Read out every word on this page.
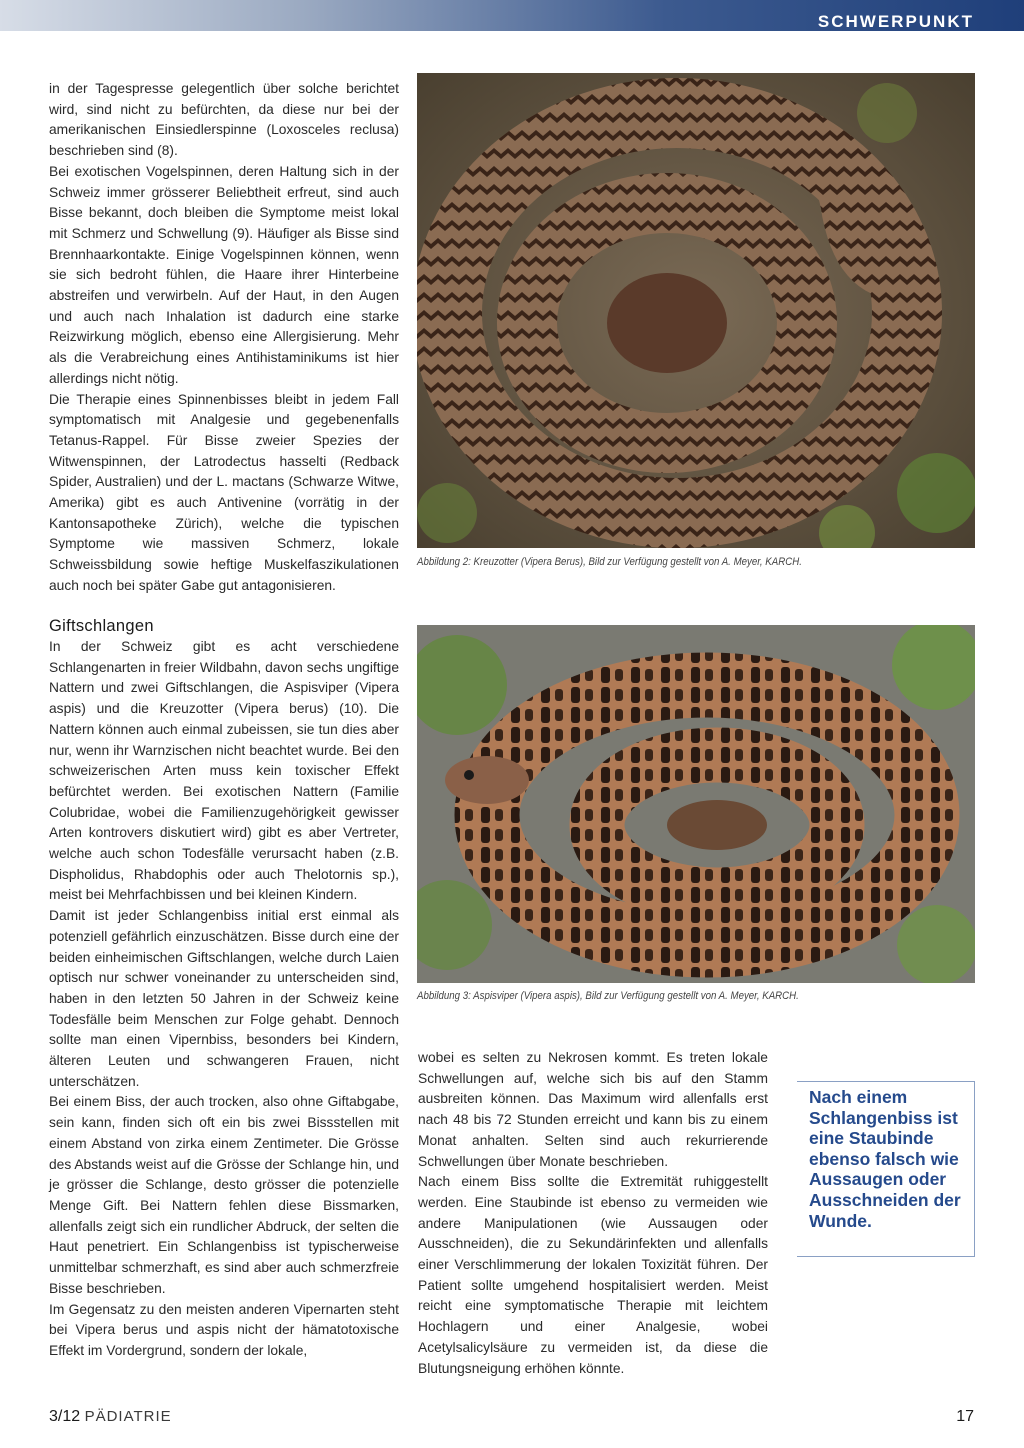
SCHWERPUNKT

in der Tagespresse gelegentlich über solche berichtet wird, sind nicht zu befürchten, da diese nur bei der amerikanischen Einsiedlerspinne (Loxosceles reclusa) beschrieben sind (8).

Bei exotischen Vogelspinnen, deren Haltung sich in der Schweiz immer grösserer Beliebtheit erfreut, sind auch Bisse bekannt, doch bleiben die Symptome meist lokal mit Schmerz und Schwellung (9). Häufiger als Bisse sind Brennhaarkontakte. Einige Vogelspinnen können, wenn sie sich bedroht fühlen, die Haare ihrer Hinterbeine abstreifen und verwirbeln. Auf der Haut, in den Augen und auch nach Inhalation ist dadurch eine starke Reizwirkung möglich, ebenso eine Allergisierung. Mehr als die Verabreichung eines Antihistaminikums ist hier allerdings nicht nötig.

Die Therapie eines Spinnenbisses bleibt in jedem Fall symptomatisch mit Analgesie und gegebenenfalls Tetanus-Rappel. Für Bisse zweier Spezies der Witwenspinnen, der Latrodectus hasselti (Redback Spider, Australien) und der L. mactans (Schwarze Witwe, Amerika) gibt es auch Antivenine (vorrätig in der Kantonsapotheke Zürich), welche die typischen Symptome wie massiven Schmerz, lokale Schweissbildung sowie heftige Muskelfaszikulationen auch noch bei später Gabe gut antagonisieren.

Giftschlangen

In der Schweiz gibt es acht verschiedene Schlangenarten in freier Wildbahn, davon sechs ungiftige Nattern und zwei Giftschlangen, die Aspisviper (Vipera aspis) und die Kreuzotter (Vipera berus) (10). Die Nattern können auch einmal zubeissen, sie tun dies aber nur, wenn ihr Warnzischen nicht beachtet wurde. Bei den schweizerischen Arten muss kein toxischer Effekt befürchtet werden. Bei exotischen Nattern (Familie Colubridae, wobei die Familienzugehörigkeit gewisser Arten kontrovers diskutiert wird) gibt es aber Vertreter, welche auch schon Todesfälle verursacht haben (z.B. Dispholidus, Rhabdophis oder auch Thelotornis sp.), meist bei Mehrfachbissen und bei kleinen Kindern.

Damit ist jeder Schlangenbiss initial erst einmal als potenziell gefährlich einzuschätzen. Bisse durch eine der beiden einheimischen Giftschlangen, welche durch Laien optisch nur schwer voneinander zu unterscheiden sind, haben in den letzten 50 Jahren in der Schweiz keine Todesfälle beim Menschen zur Folge gehabt. Dennoch sollte man einen Vipernbiss, besonders bei Kindern, älteren Leuten und schwangeren Frauen, nicht unterschätzen.

Bei einem Biss, der auch trocken, also ohne Giftabgabe, sein kann, finden sich oft ein bis zwei Bissstellen mit einem Abstand von zirka einem Zentimeter. Die Grösse des Abstands weist auf die Grösse der Schlange hin, und je grösser die Schlange, desto grösser die potenzielle Menge Gift. Bei Nattern fehlen diese Bissmarken, allenfalls zeigt sich ein rundlicher Abdruck, der selten die Haut penetriert. Ein Schlangenbiss ist typischerweise unmittelbar schmerzhaft, es sind aber auch schmerzfreie Bisse beschrieben.

Im Gegensatz zu den meisten anderen Vipernarten steht bei Vipera berus und aspis nicht der hämatotoxische Effekt im Vordergrund, sondern der lokale,

Abbildung 2: Kreuzotter (Vipera Berus), Bild zur Verfügung gestellt von A. Meyer, KARCH.
Abbildung 3: Aspisviper (Vipera aspis), Bild zur Verfügung gestellt von A. Meyer, KARCH.

wobei es selten zu Nekrosen kommt. Es treten lokale Schwellungen auf, welche sich bis auf den Stamm ausbreiten können. Das Maximum wird allenfalls erst nach 48 bis 72 Stunden erreicht und kann bis zu einem Monat anhalten. Selten sind auch rekurrierende Schwellungen über Monate beschrieben.

Nach einem Biss sollte die Extremität ruhiggestellt werden. Eine Staubinde ist ebenso zu vermeiden wie andere Manipulationen (wie Aussaugen oder Ausschneiden), die zu Sekundärinfekten und allenfalls einer Verschlimmerung der lokalen Toxizität führen. Der Patient sollte umgehend hospitalisiert werden. Meist reicht eine symptomatische Therapie mit leichtem Hochlagern und einer Analgesie, wobei Acetylsalicylsäure zu vermeiden ist, da diese die Blutungsneigung erhöhen könnte.

Nach einem Schlangenbiss ist eine Staubinde ebenso falsch wie Aussaugen oder Ausschneiden der Wunde.
3/12 PÄDIATRIE	17
